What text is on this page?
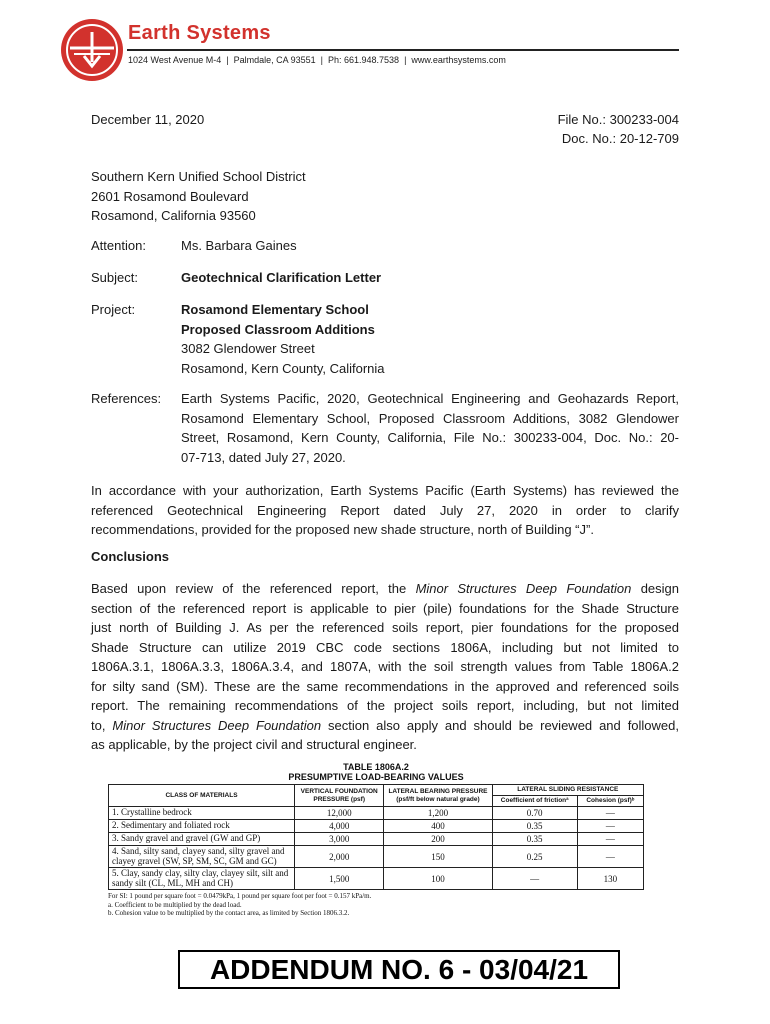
Earth Systems
1024 West Avenue M-4 | Palmdale, CA 93551 | Ph: 661.948.7538 | www.earthsystems.com
December 11, 2020	File No.: 300233-004
Doc. No.: 20-12-709
Southern Kern Unified School District
2601 Rosamond Boulevard
Rosamond, California 93560
Attention:	Ms. Barbara Gaines
Subject:	Geotechnical Clarification Letter
Project:	Rosamond Elementary School
Proposed Classroom Additions
3082 Glendower Street
Rosamond, Kern County, California
References: Earth Systems Pacific, 2020, Geotechnical Engineering and Geohazards Report,
Rosamond Elementary School, Proposed Classroom Additions, 3082 Glendower
Street, Rosamond, Kern County, California, File No.: 300233-004, Doc. No.: 20-
07-713, dated July 27, 2020.
In accordance with your authorization, Earth Systems Pacific (Earth Systems) has reviewed the
referenced Geotechnical Engineering Report dated July 27, 2020 in order to clarify
recommendations, provided for the proposed new shade structure, north of Building “J”.
Conclusions
Based upon review of the referenced report, the Minor Structures Deep Foundation design
section of the referenced report is applicable to pier (pile) foundations for the Shade Structure
just north of Building J. As per the referenced soils report, pier foundations for the proposed
Shade Structure can utilize 2019 CBC code sections 1806A, including but not limited to
1806A.3.1, 1806A.3.3, 1806A.3.4, and 1807A, with the soil strength values from Table 1806A.2
for silty sand (SM). These are the same recommendations in the approved and referenced soils
report. The remaining recommendations of the project soils report, including, but not limited
to, Minor Structures Deep Foundation section also apply and should be reviewed and followed,
as applicable, by the project civil and structural engineer.
TABLE 1806A.2
PRESUMPTIVE LOAD-BEARING VALUES
CLASS OF MATERIALS	VERTICAL FOUNDATION PRESSURE (psf)	LATERAL BEARING PRESSURE (psf/ft below natural grade)	LATERAL SLIDING RESISTANCE	
			Coefficient of frictionª	Cohesion (psf)ᵇ
1. Crystalline bedrock	12,000	1,200	0.70	—
2. Sedimentary and foliated rock	4,000	400	0.35	—
3. Sandy gravel and gravel (GW and GP)	3,000	200	0.35	—
4. Sand, silty sand, clayey sand, silty gravel and clayey gravel (SW, SP, SM, SC, GM and GC)	2,000	150	0.25	—
5. Clay, sandy clay, silty clay, clayey silt, silt and sandy silt (CL, ML, MH and CH)	1,500	100	—	130
For SI: 1 pound per square foot = 0.0479kPa, 1 pound per square foot per foot = 0.157 kPa/m.
a. Coefficient to be multiplied by the dead load.
b. Cohesion value to be multiplied by the contact area, as limited by Section 1806.3.2.
ADDENDUM NO. 6 - 03/04/21
